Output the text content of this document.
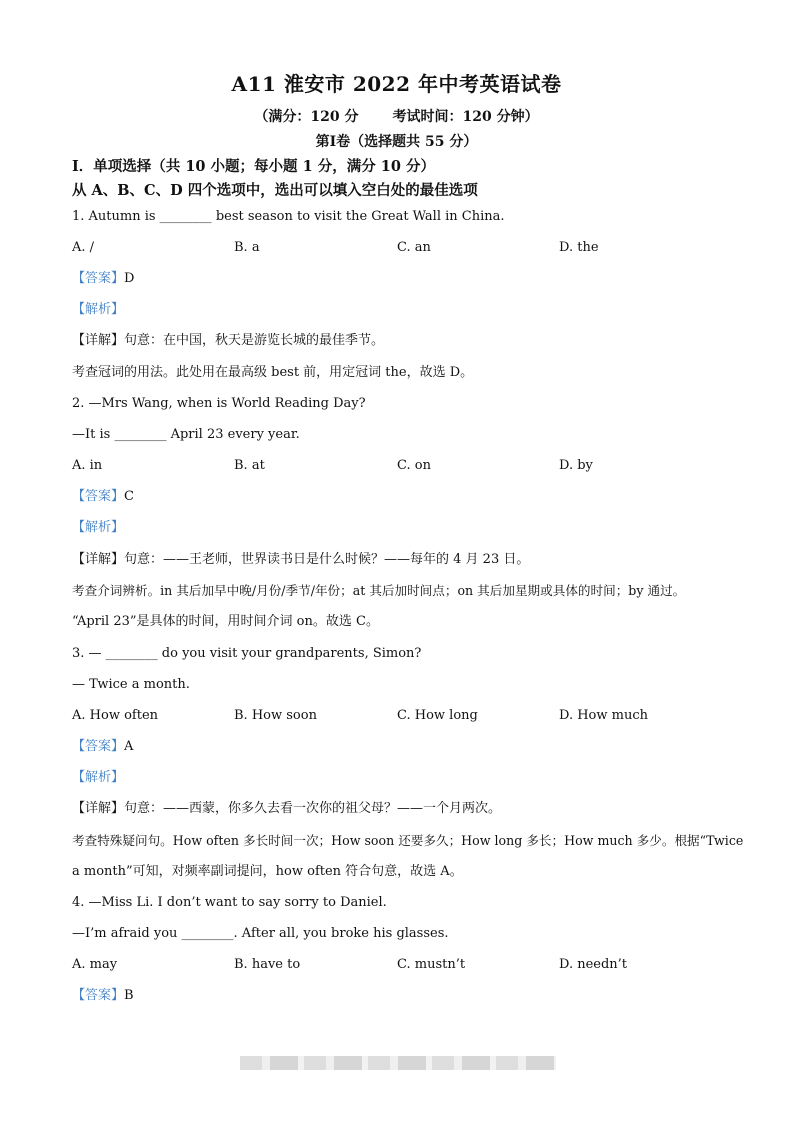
A11 淮安市 2022 年中考英语试卷
（满分：120 分 考试时间：120 分钟）
第Ⅰ卷（选择题共 55 分）
Ⅰ．单项选择（共 10 小题；每小题 1 分，满分 10 分）
从 A、B、C、D 四个选项中，选出可以填入空白处的最佳选项
1. Autumn is ________ best season to visit the Great Wall in China.
A. /	B. a	C. an	D. the
【答案】D
【解析】
【详解】句意：在中国，秋天是游览长城的最佳季节。
考查冠词的用法。此处用在最高级 best 前，用定冠词 the，故选 D。
2. —Mrs Wang, when is World Reading Day?
—It is ________ April 23 every year.
A. in	B. at	C. on	D. by
【答案】C
【解析】
【详解】句意：——王老师，世界读书日是什么时候？——每年的 4 月 23 日。
考查介词辨析。in 其后加早中晚/月份/季节/年份；at 其后加时间点；on 其后加星期或具体的时间；by 通过。
“April 23”是具体的时间，用时间介词 on。故选 C。
3. — ________ do you visit your grandparents, Simon?
— Twice a month.
A. How often	B. How soon	C. How long	D. How much
【答案】A
【解析】
【详解】句意：——西蒙，你多久去看一次你的祖父母？——一个月两次。
考查特殊疑问句。How often 多长时间一次；How soon 还要多久；How long 多长；How much 多少。根据“Twice
a month”可知，对频率副词提问，how often 符合句意，故选 A。
4. —Miss Li. I don’t want to say sorry to Daniel.
—I’m afraid you ________. After all, you broke his glasses.
A. may	B. have to	C. mustn’t	D. needn’t
【答案】B
